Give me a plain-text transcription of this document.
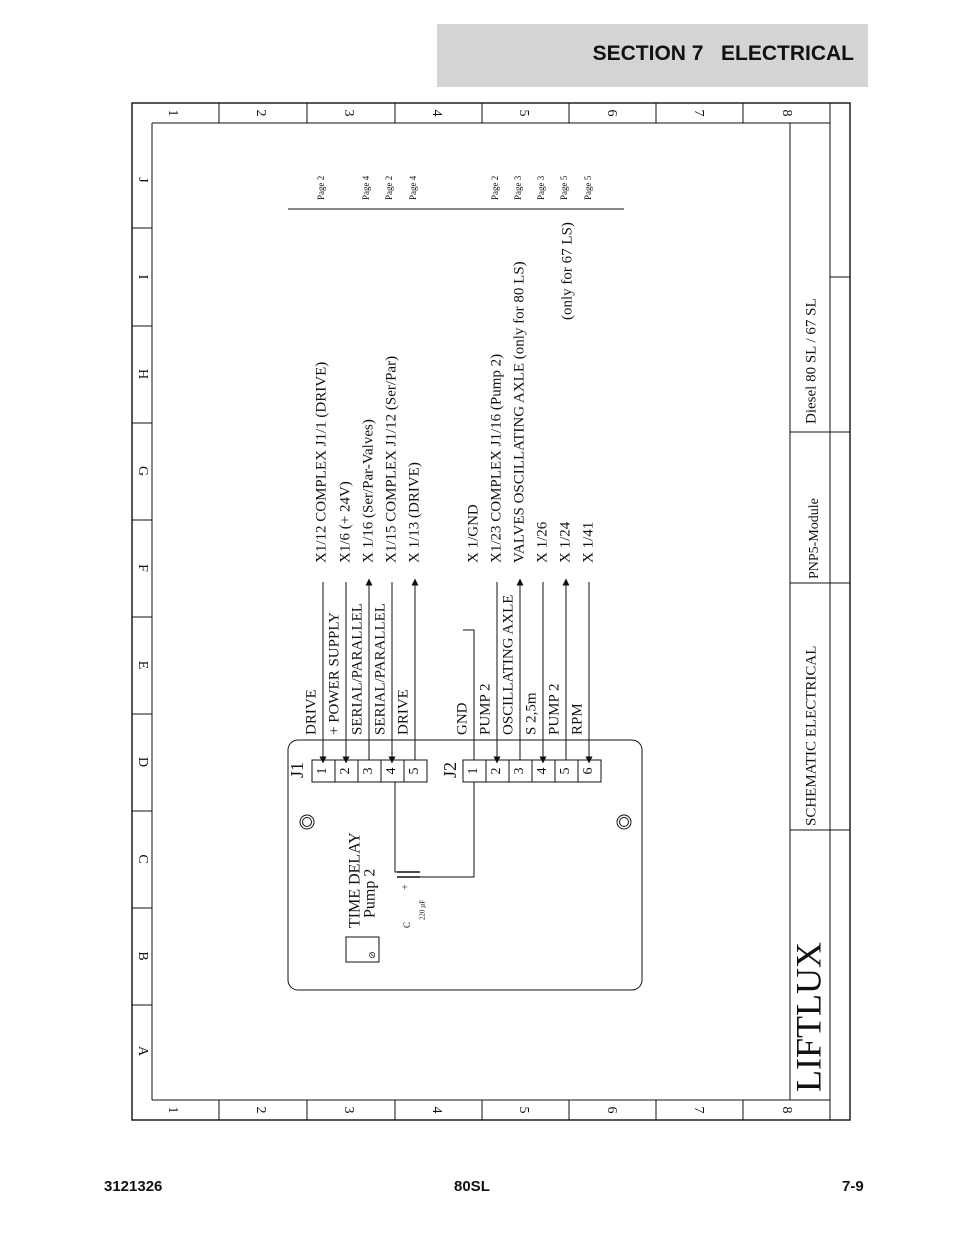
SECTION 7 ELECTRICAL
1	2	3	4	5	6	7	8
1	2	3	4	5	6	7	8
A
B
C
D
E
F
G
H
I
J
LIFTLUX
SCHEMATIC ELECTRICAL
PNP5-Module
Diesel 80 SL / 67 SL
⊘
TIME DELAY
Pump 2 +
C
220 µF
J1 1 2 3 4 5 J2 1 2 3 4 5 6
DRIVE + POWER SUPPLY SERIAL/PARALLEL SERIAL/PARALLEL DRIVE	GND PUMP 2 OSCILLATING AXLE S 2,5m PUMP 2 RPM
X1/12 COMPLEX J1/1 (DRIVE) X1/6 (+ 24V) X 1/16 (Ser/Par-Valves) X1/15 COMPLEX J1/12 (Ser/Par) X 1/13 (DRIVE)	X 1/GND X1/23 COMPLEX J1/16 (Pump 2) VALVES OSCILLATING AXLE (only for 80 LS) X 1/26 X 1/24 X 1/41
(only for 67 LS)
Page 2	Page 4 Page 2 Page 4	Page 2 Page 3 Page 3 Page 5 Page 5
3121326	80SL	7-9
